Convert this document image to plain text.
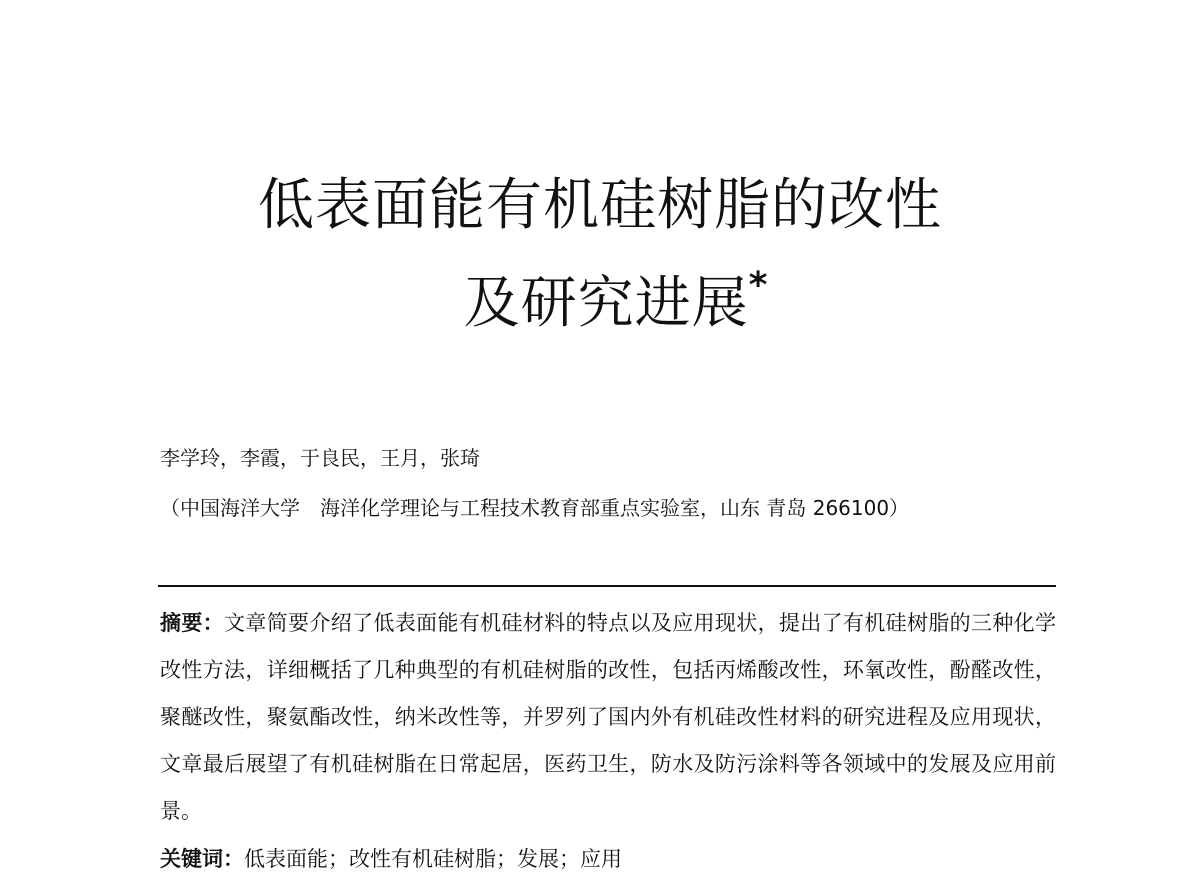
低表面能有机硅树脂的改性
及研究进展*
李学玲，李霞，于良民，王月，张琦
（中国海洋大学　海洋化学理论与工程技术教育部重点实验室，山东 青岛 266100）
摘要：文章简要介绍了低表面能有机硅材料的特点以及应用现状，提出了有机硅树脂的三种化学改性方法，详细概括了几种典型的有机硅树脂的改性，包括丙烯酸改性，环氧改性，酚醛改性，聚醚改性，聚氨酯改性，纳米改性等，并罗列了国内外有机硅改性材料的研究进程及应用现状，文章最后展望了有机硅树脂在日常起居，医药卫生，防水及防污涂料等各领域中的发展及应用前景。
关键词：低表面能；改性有机硅树脂；发展；应用
